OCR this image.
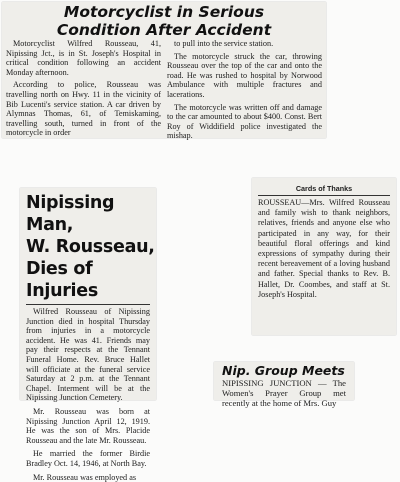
Motorcyclist in Serious
Condition After Accident

Motorcyclist Wilfred Rousseau, 41, Nipissing Jct., is in St. Joseph's Hospital in critical condition following an accident Monday afternoon.

According to police, Rousseau was travelling north on Hwy. 11 in the vicinity of Bib Lucenti's service station. A car driven by Alymnas Thomas, 61, of Temiskaming, travelling south, turned in front of the motorcycle in order

to pull into the service station.

The motorcycle struck the car, throwing Rousseau over the top of the car and onto the road. He was rushed to hospital by Norwood Ambulance with multiple fractures and lacerations.

The motorcycle was written off and damage to the car amounted to about $400. Const. Bert Roy of Widdifield police investigated the mishap.

Nipissing Man,
W. Rousseau,
Dies of Injuries

Wilfred Rousseau of Nipissing Junction died in hospital Thursday from injuries in a motorcycle accident. He was 41. Friends may pay their respects at the Tennant Funeral Home. Rev. Bruce Hallet will officiate at the funeral service Saturday at 2 p.m. at the Tennant Chapel. Interment will be at the Nipissing Junction Cemetery.

Mr. Rousseau was born at Nipissing Junction April 12, 1919. He was the son of Mrs. Placide Rousseau and the late Mr. Rousseau.

He married the former Birdie Bradley Oct. 14, 1946, at North Bay.

Mr. Rousseau was employed as

Cards of Thanks

ROUSSEAU—Mrs. Wilfred Rousseau and family wish to thank neighbors, relatives, friends and anyone else who participated in any way, for their beautiful floral offerings and kind expressions of sympathy during their recent bereavement of a loving husband and father. Special thanks to Rev. B. Hallet, Dr. Coombes, and staff at St. Joseph's Hospital.

Nip. Group Meets

NIPISSING JUNCTION — The Women's Prayer Group met recently at the home of Mrs. Guy
